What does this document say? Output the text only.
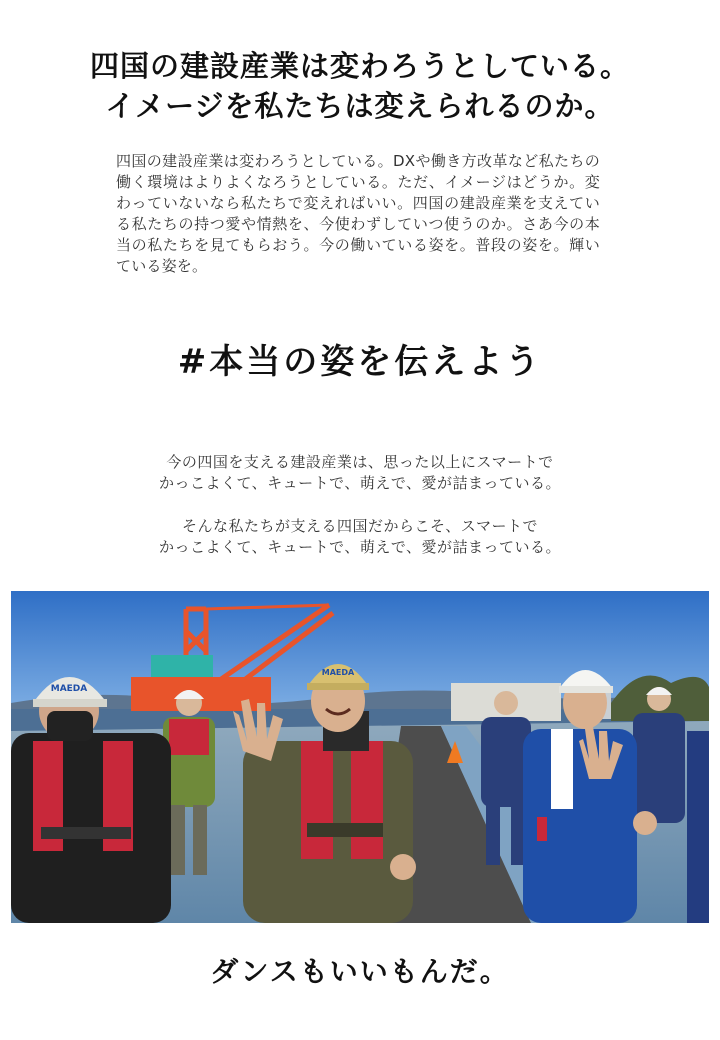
四国の建設産業は変わろうとしている。
イメージを私たちは変えられるのか。

四国の建設産業は変わろうとしている。DXや働き方改革など私たちの働く環境はよりよくなろうとしている。ただ、イメージはどうか。変わっていないなら私たちで変えればいい。四国の建設産業を支えている私たちの持つ愛や情熱を、今使わずしていつ使うのか。さあ今の本当の私たちを見てもらおう。今の働いている姿を。普段の姿を。輝いている姿を。

#本当の姿を伝えよう
今の四国を支える建設産業は、思った以上にスマートで
かっこよくて、キュートで、萌えで、愛が詰まっている。
そんな私たちが支える四国だからこそ、スマートで
かっこよくて、キュートで、萌えで、愛が詰まっている。
MAEDA
MAEDA
ダンスもいいもんだ。
